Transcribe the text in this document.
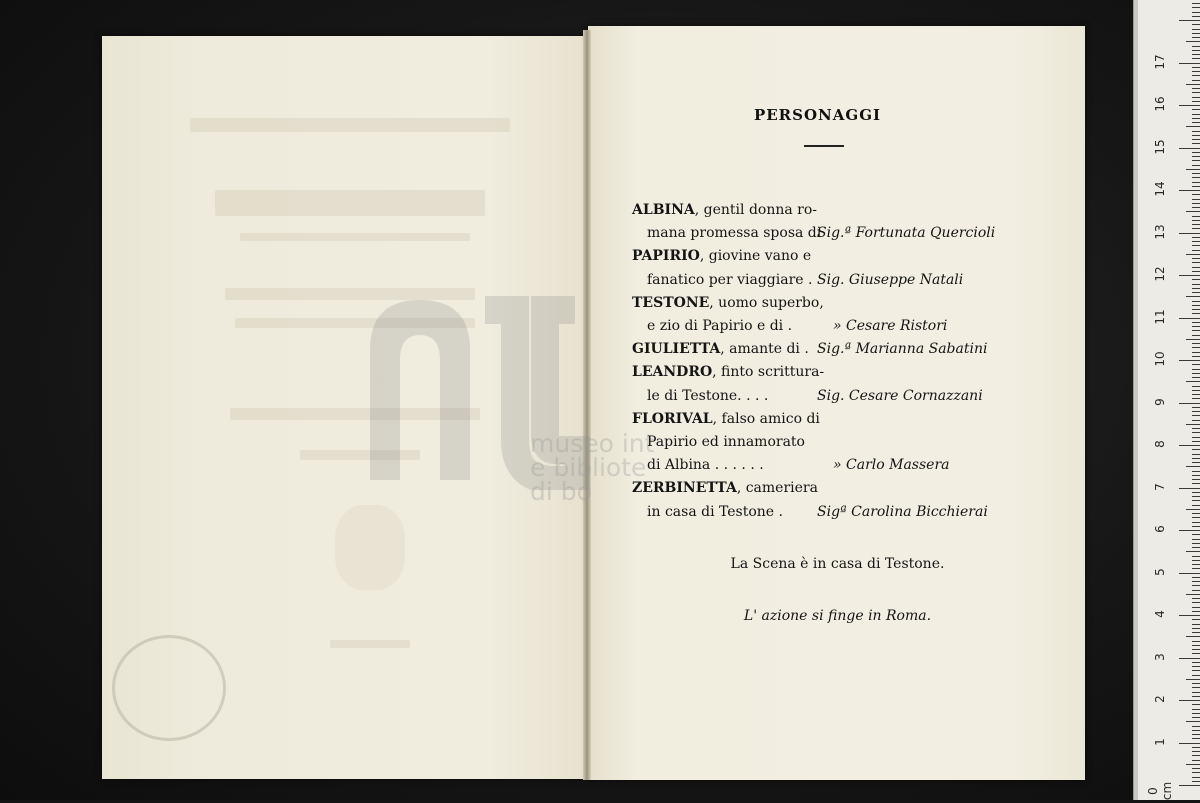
museo int
e bibliote
di bo
PERSONAGGI
ALBINA, gentil donna ro-
mana promessa sposa di
Sig.ª Fortunata Quercioli
PAPIRIO, giovine vano e
fanatico per viaggiare . Sig. Giuseppe Natali
TESTONE, uomo superbo,
e zio di Papirio e di .	» Cesare Ristori
GIULIETTA, amante di . Sig.ª Marianna Sabatini
LEANDRO, finto scrittura-
le di Testone. . . .	Sig. Cesare Cornazzani
FLORIVAL, falso amico di
Papirio ed innamorato
di Albina . . . . . .	» Carlo Massera
ZERBINETTA, cameriera
in casa di Testone . Sigª Carolina Bicchierai
La Scena è in casa di Testone.
L' azione si finge in Roma.
0 cm
1
2
3
4
5
6
7
8
9
10
11
12
13
14
15
16
17
